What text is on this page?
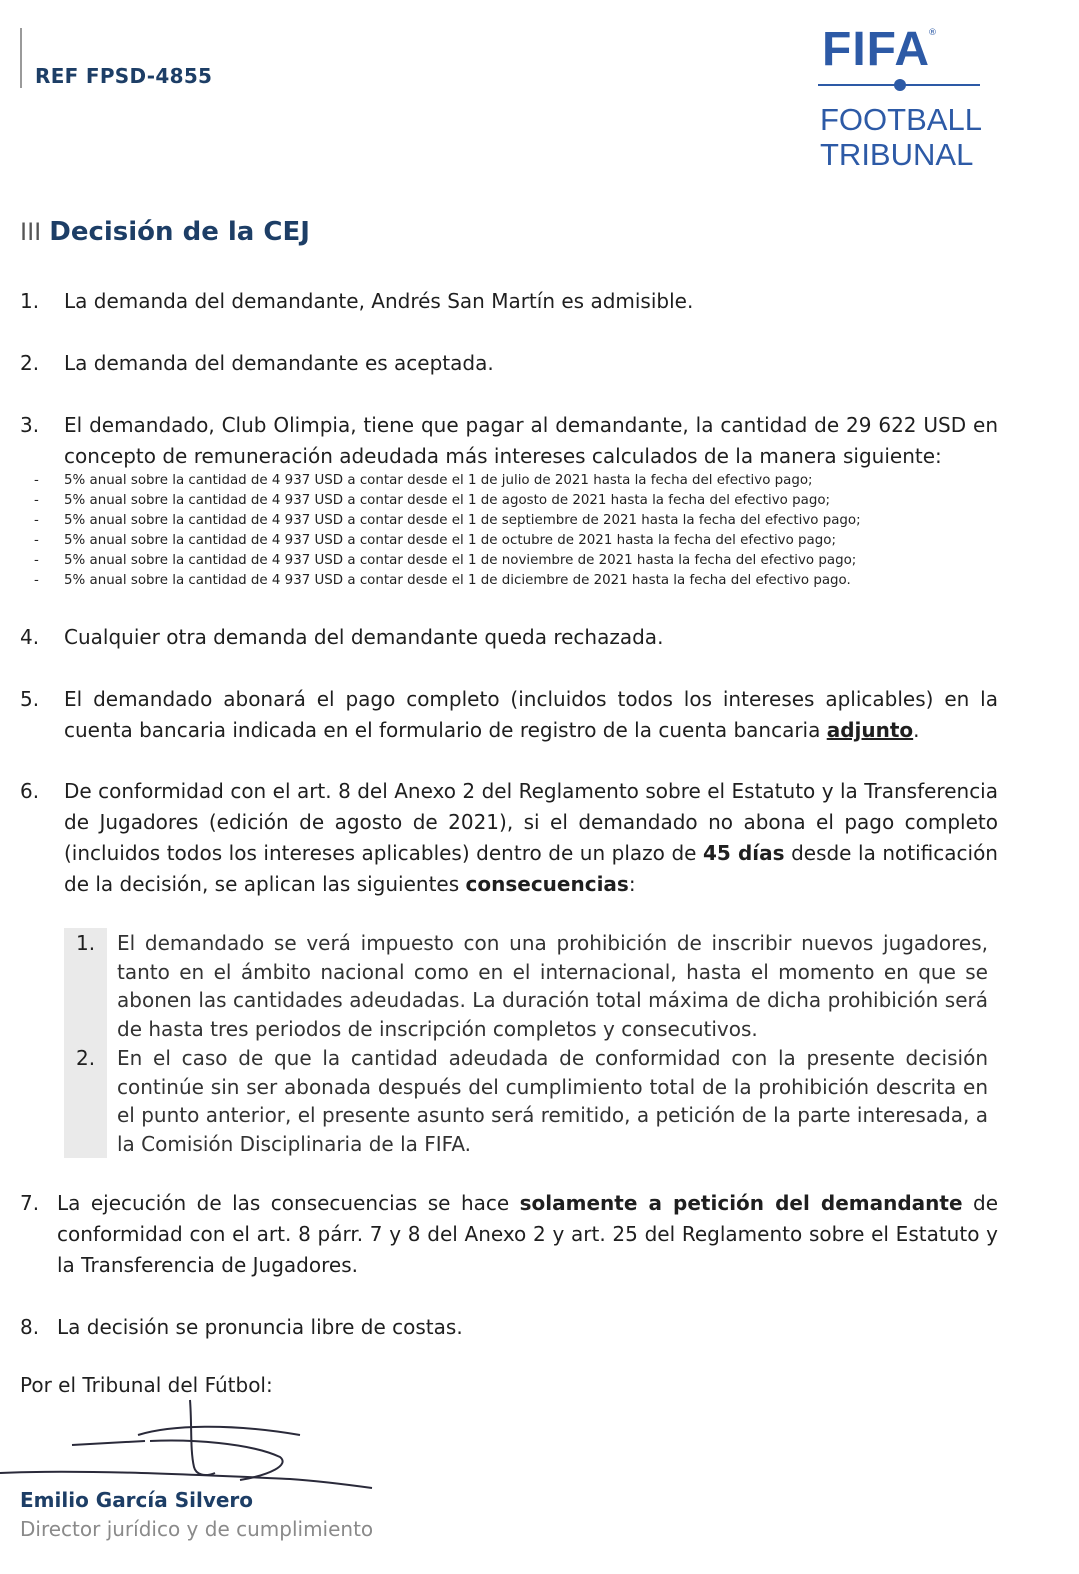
REF FPSD-4855	FIFA
®
FOOTBALL
TRIBUNAL
III Decisión de la CEJ
1. La demanda del demandante, Andrés San Martín es admisible.
2. La demanda del demandante es aceptada.
3. El demandado, Club Olimpia, tiene que pagar al demandante, la cantidad de 29 622 USD en concepto de remuneración adeudada más intereses calculados de la manera siguiente:
- 5% anual sobre la cantidad de 4 937 USD a contar desde el 1 de julio de 2021 hasta la fecha del efectivo pago;
- 5% anual sobre la cantidad de 4 937 USD a contar desde el 1 de agosto de 2021 hasta la fecha del efectivo pago;
- 5% anual sobre la cantidad de 4 937 USD a contar desde el 1 de septiembre de 2021 hasta la fecha del efectivo pago;
- 5% anual sobre la cantidad de 4 937 USD a contar desde el 1 de octubre de 2021 hasta la fecha del efectivo pago;
- 5% anual sobre la cantidad de 4 937 USD a contar desde el 1 de noviembre de 2021 hasta la fecha del efectivo pago;
- 5% anual sobre la cantidad de 4 937 USD a contar desde el 1 de diciembre de 2021 hasta la fecha del efectivo pago.
4. Cualquier otra demanda del demandante queda rechazada.
5. El demandado abonará el pago completo (incluidos todos los intereses aplicables) en la cuenta bancaria indicada en el formulario de registro de la cuenta bancaria adjunto.
6. De conformidad con el art. 8 del Anexo 2 del Reglamento sobre el Estatuto y la Transferencia de Jugadores (edición de agosto de 2021), si el demandado no abona el pago completo (incluidos todos los intereses aplicables) dentro de un plazo de 45 días desde la notificación de la decisión, se aplican las siguientes consecuencias:
1. El demandado se verá impuesto con una prohibición de inscribir nuevos jugadores, tanto en el ámbito nacional como en el internacional, hasta el momento en que se abonen las cantidades adeudadas. La duración total máxima de dicha prohibición será de hasta tres periodos de inscripción completos y consecutivos.
2. En el caso de que la cantidad adeudada de conformidad con la presente decisión continúe sin ser abonada después del cumplimiento total de la prohibición descrita en el punto anterior, el presente asunto será remitido, a petición de la parte interesada, a la Comisión Disciplinaria de la FIFA.
7. La ejecución de las consecuencias se hace solamente a petición del demandante de conformidad con el art. 8 párr. 7 y 8 del Anexo 2 y art. 25 del Reglamento sobre el Estatuto y la Transferencia de Jugadores.
8. La decisión se pronuncia libre de costas.
Por el Tribunal del Fútbol:
Emilio García Silvero
Director jurídico y de cumplimiento
